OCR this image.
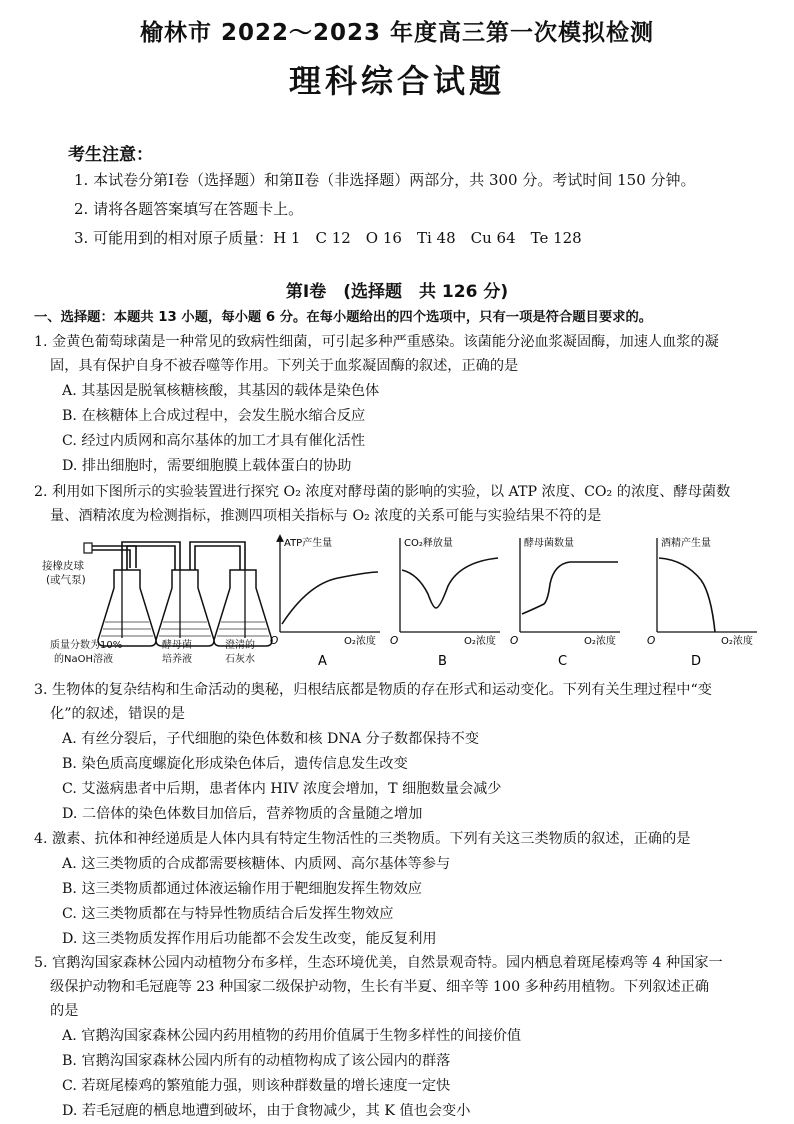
榆林市 2022～2023 年度高三第一次模拟检测
理科综合试题
考生注意：
1. 本试卷分第Ⅰ卷（选择题）和第Ⅱ卷（非选择题）两部分，共 300 分。考试时间 150 分钟。
2. 请将各题答案填写在答题卡上。
3. 可能用到的相对原子质量：H 1　C 12　O 16　Ti 48　Cu 64　Te 128
第Ⅰ卷　(选择题　共 126 分)
一、选择题：本题共 13 小题，每小题 6 分。在每小题给出的四个选项中，只有一项是符合题目要求的。
1. 金黄色葡萄球菌是一种常见的致病性细菌，可引起多种严重感染。该菌能分泌血浆凝固酶，加速人血浆的凝
固，具有保护自身不被吞噬等作用。下列关于血浆凝固酶的叙述，正确的是
A. 其基因是脱氧核糖核酸，其基因的载体是染色体
B. 在核糖体上合成过程中，会发生脱水缩合反应
C. 经过内质网和高尔基体的加工才具有催化活性
D. 排出细胞时，需要细胞膜上载体蛋白的协助
2. 利用如下图所示的实验装置进行探究 O₂ 浓度对酵母菌的影响的实验，以 ATP 浓度、CO₂ 的浓度、酵母菌数
量、酒精浓度为检测指标，推测四项相关指标与 O₂ 浓度的关系可能与实验结果不符的是
接橡皮球
(或气泵)
质量分数为10%
的NaOH溶液
酵母菌
培养液
澄清的
石灰水
ATP产生量
O	O₂浓度
A
CO₂释放量
O	O₂浓度
B
酵母菌数量
O	O₂浓度
C
酒精产生量
O	O₂浓度
D
3. 生物体的复杂结构和生命活动的奥秘，归根结底都是物质的存在形式和运动变化。下列有关生理过程中“变
化”的叙述，错误的是
A. 有丝分裂后，子代细胞的染色体数和核 DNA 分子数都保持不变
B. 染色质高度螺旋化形成染色体后，遗传信息发生改变
C. 艾滋病患者中后期，患者体内 HIV 浓度会增加，T 细胞数量会减少
D. 二倍体的染色体数目加倍后，营养物质的含量随之增加
4. 激素、抗体和神经递质是人体内具有特定生物活性的三类物质。下列有关这三类物质的叙述，正确的是
A. 这三类物质的合成都需要核糖体、内质网、高尔基体等参与
B. 这三类物质都通过体液运输作用于靶细胞发挥生物效应
C. 这三类物质都在与特异性物质结合后发挥生物效应
D. 这三类物质发挥作用后功能都不会发生改变，能反复利用
5. 官鹅沟国家森林公园内动植物分布多样，生态环境优美，自然景观奇特。园内栖息着斑尾榛鸡等 4 种国家一
级保护动物和毛冠鹿等 23 种国家二级保护动物，生长有半夏、细辛等 100 多种药用植物。下列叙述正确
的是
A. 官鹅沟国家森林公园内药用植物的药用价值属于生物多样性的间接价值
B. 官鹅沟国家森林公园内所有的动植物构成了该公园内的群落
C. 若斑尾榛鸡的繁殖能力强，则该种群数量的增长速度一定快
D. 若毛冠鹿的栖息地遭到破坏，由于食物减少，其 K 值也会变小
